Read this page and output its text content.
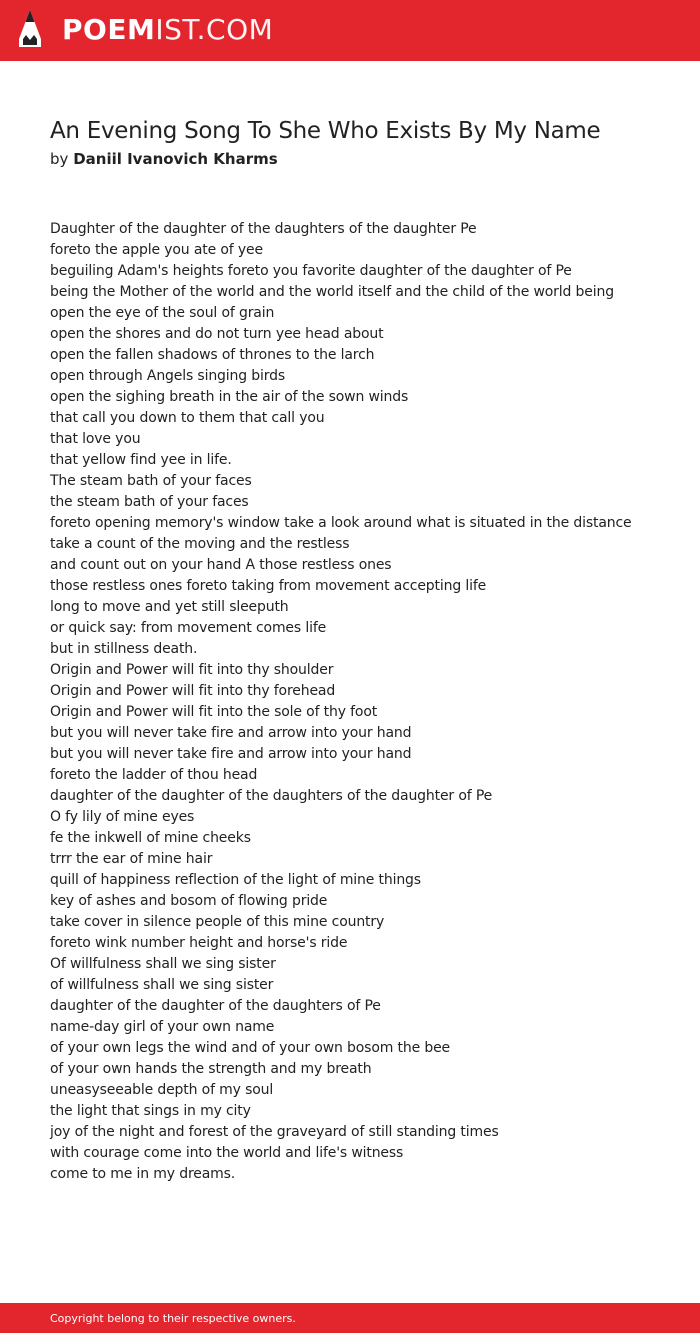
POEMIST.COM
An Evening Song To She Who Exists By My Name
by Daniil Ivanovich Kharms
Daughter of the daughter of the daughters of the daughter Pe
foreto the apple you ate of yee
beguiling Adam's heights foreto you favorite daughter of the daughter of Pe
being the Mother of the world and the world itself and the child of the world being
open the eye of the soul of grain
open the shores and do not turn yee head about
open the fallen shadows of thrones to the larch
open through Angels singing birds
open the sighing breath in the air of the sown winds
that call you down to them that call you
that love you
that yellow find yee in life.
The steam bath of your faces
the steam bath of your faces
foreto opening memory's window take a look around what is situated in the distance
take a count of the moving and the restless
and count out on your hand A those restless ones
those restless ones foreto taking from movement accepting life
long to move and yet still sleeputh
or quick say: from movement comes life
but in stillness death.
Origin and Power will fit into thy shoulder
Origin and Power will fit into thy forehead
Origin and Power will fit into the sole of thy foot
but you will never take fire and arrow into your hand
but you will never take fire and arrow into your hand
foreto the ladder of thou head
daughter of the daughter of the daughters of the daughter of Pe
O fy lily of mine eyes
fe the inkwell of mine cheeks
trrr the ear of mine hair
quill of happiness reflection of the light of mine things
key of ashes and bosom of flowing pride
take cover in silence people of this mine country
foreto wink number height and horse's ride
Of willfulness shall we sing sister
of willfulness shall we sing sister
daughter of the daughter of the daughters of Pe
name-day girl of your own name
of your own legs the wind and of your own bosom the bee
of your own hands the strength and my breath
uneasyseeable depth of my soul
the light that sings in my city
joy of the night and forest of the graveyard of still standing times
with courage come into the world and life's witness
come to me in my dreams.
Copyright belong to their respective owners.
